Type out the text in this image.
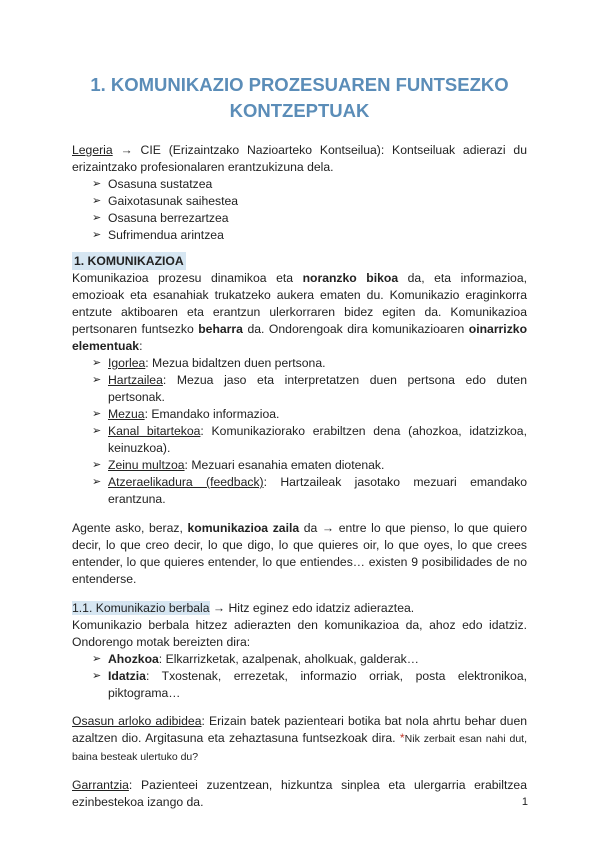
1. KOMUNIKAZIO PROZESUAREN FUNTSEZKO
KONTZEPTUAK

Legeria → CIE (Erizaintzako Nazioarteko Kontseilua): Kontseiluak adierazi du erizaintzako profesionalaren erantzukizuna dela.

➢ Osasuna sustatzea
➢ Gaixotasunak saihestea
➢ Osasuna berrezartzea
➢ Sufrimendua arintzea
1. KOMUNIKAZIOA

Komunikazioa prozesu dinamikoa eta noranzko bikoa da, eta informazioa, emozioak eta esanahiak trukatzeko aukera ematen du. Komunikazio eraginkorra entzute aktiboaren eta erantzun ulerkorraren bidez egiten da. Komunikazioa pertsonaren funtsezko beharra da. Ondorengoak dira komunikazioaren oinarrizko elementuak:

➢ Igorlea: Mezua bidaltzen duen pertsona.
➢ Hartzailea: Mezua jaso eta interpretatzen duen pertsona edo duten pertsonak.
➢ Mezua: Emandako informazioa.
➢ Kanal bitartekoa: Komunikaziorako erabiltzen dena (ahozkoa, idatzizkoa, keinuzkoa).
➢ Zeinu multzoa: Mezuari esanahia ematen diotenak.
➢ Atzeraelikadura (feedback): Hartzaileak jasotako mezuari emandako erantzuna.

Agente asko, beraz, komunikazioa zaila da → entre lo que pienso, lo que quiero decir, lo que creo decir, lo que digo, lo que quieres oir, lo que oyes, lo que crees entender, lo que quieres entender, lo que entiendes… existen 9 posibilidades de no entenderse.

1.1. Komunikazio berbala → Hitz eginez edo idatziz adieraztea.

Komunikazio berbala hitzez adierazten den komunikazioa da, ahoz edo idatziz. Ondorengo motak bereizten dira:

➢ Ahozkoa: Elkarrizketak, azalpenak, aholkuak, galderak…
➢ Idatzia: Txostenak, errezetak, informazio orriak, posta elektronikoa, piktograma…

Osasun arloko adibidea: Erizain batek pazienteari botika bat nola ahrtu behar duen azaltzen dio. Argitasuna eta zehaztasuna funtsezkoak dira. *Nik zerbait esan nahi dut, baina besteak ulertuko du?

Garrantzia: Pazienteei zuzentzean, hizkuntza sinplea eta ulergarria erabiltzea ezinbestekoa izango da.	1
